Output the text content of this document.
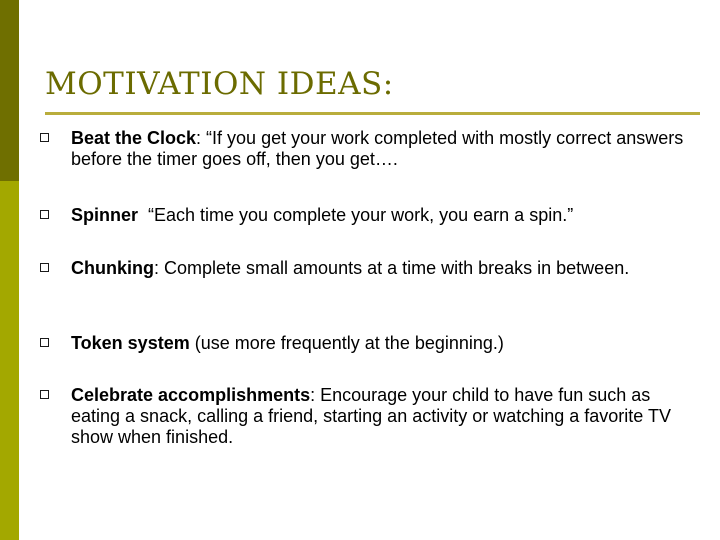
MOTIVATION IDEAS:
Beat the Clock: “If you get your work completed with mostly correct answers before the timer goes off, then you get….
Spinner  “Each time you complete your work, you earn a spin.”
Chunking: Complete small amounts at a time with breaks in between.
Token system (use more frequently at the beginning.)
Celebrate accomplishments: Encourage your child to have fun such as eating a snack, calling a friend, starting an activity or watching a favorite TV show when finished.
